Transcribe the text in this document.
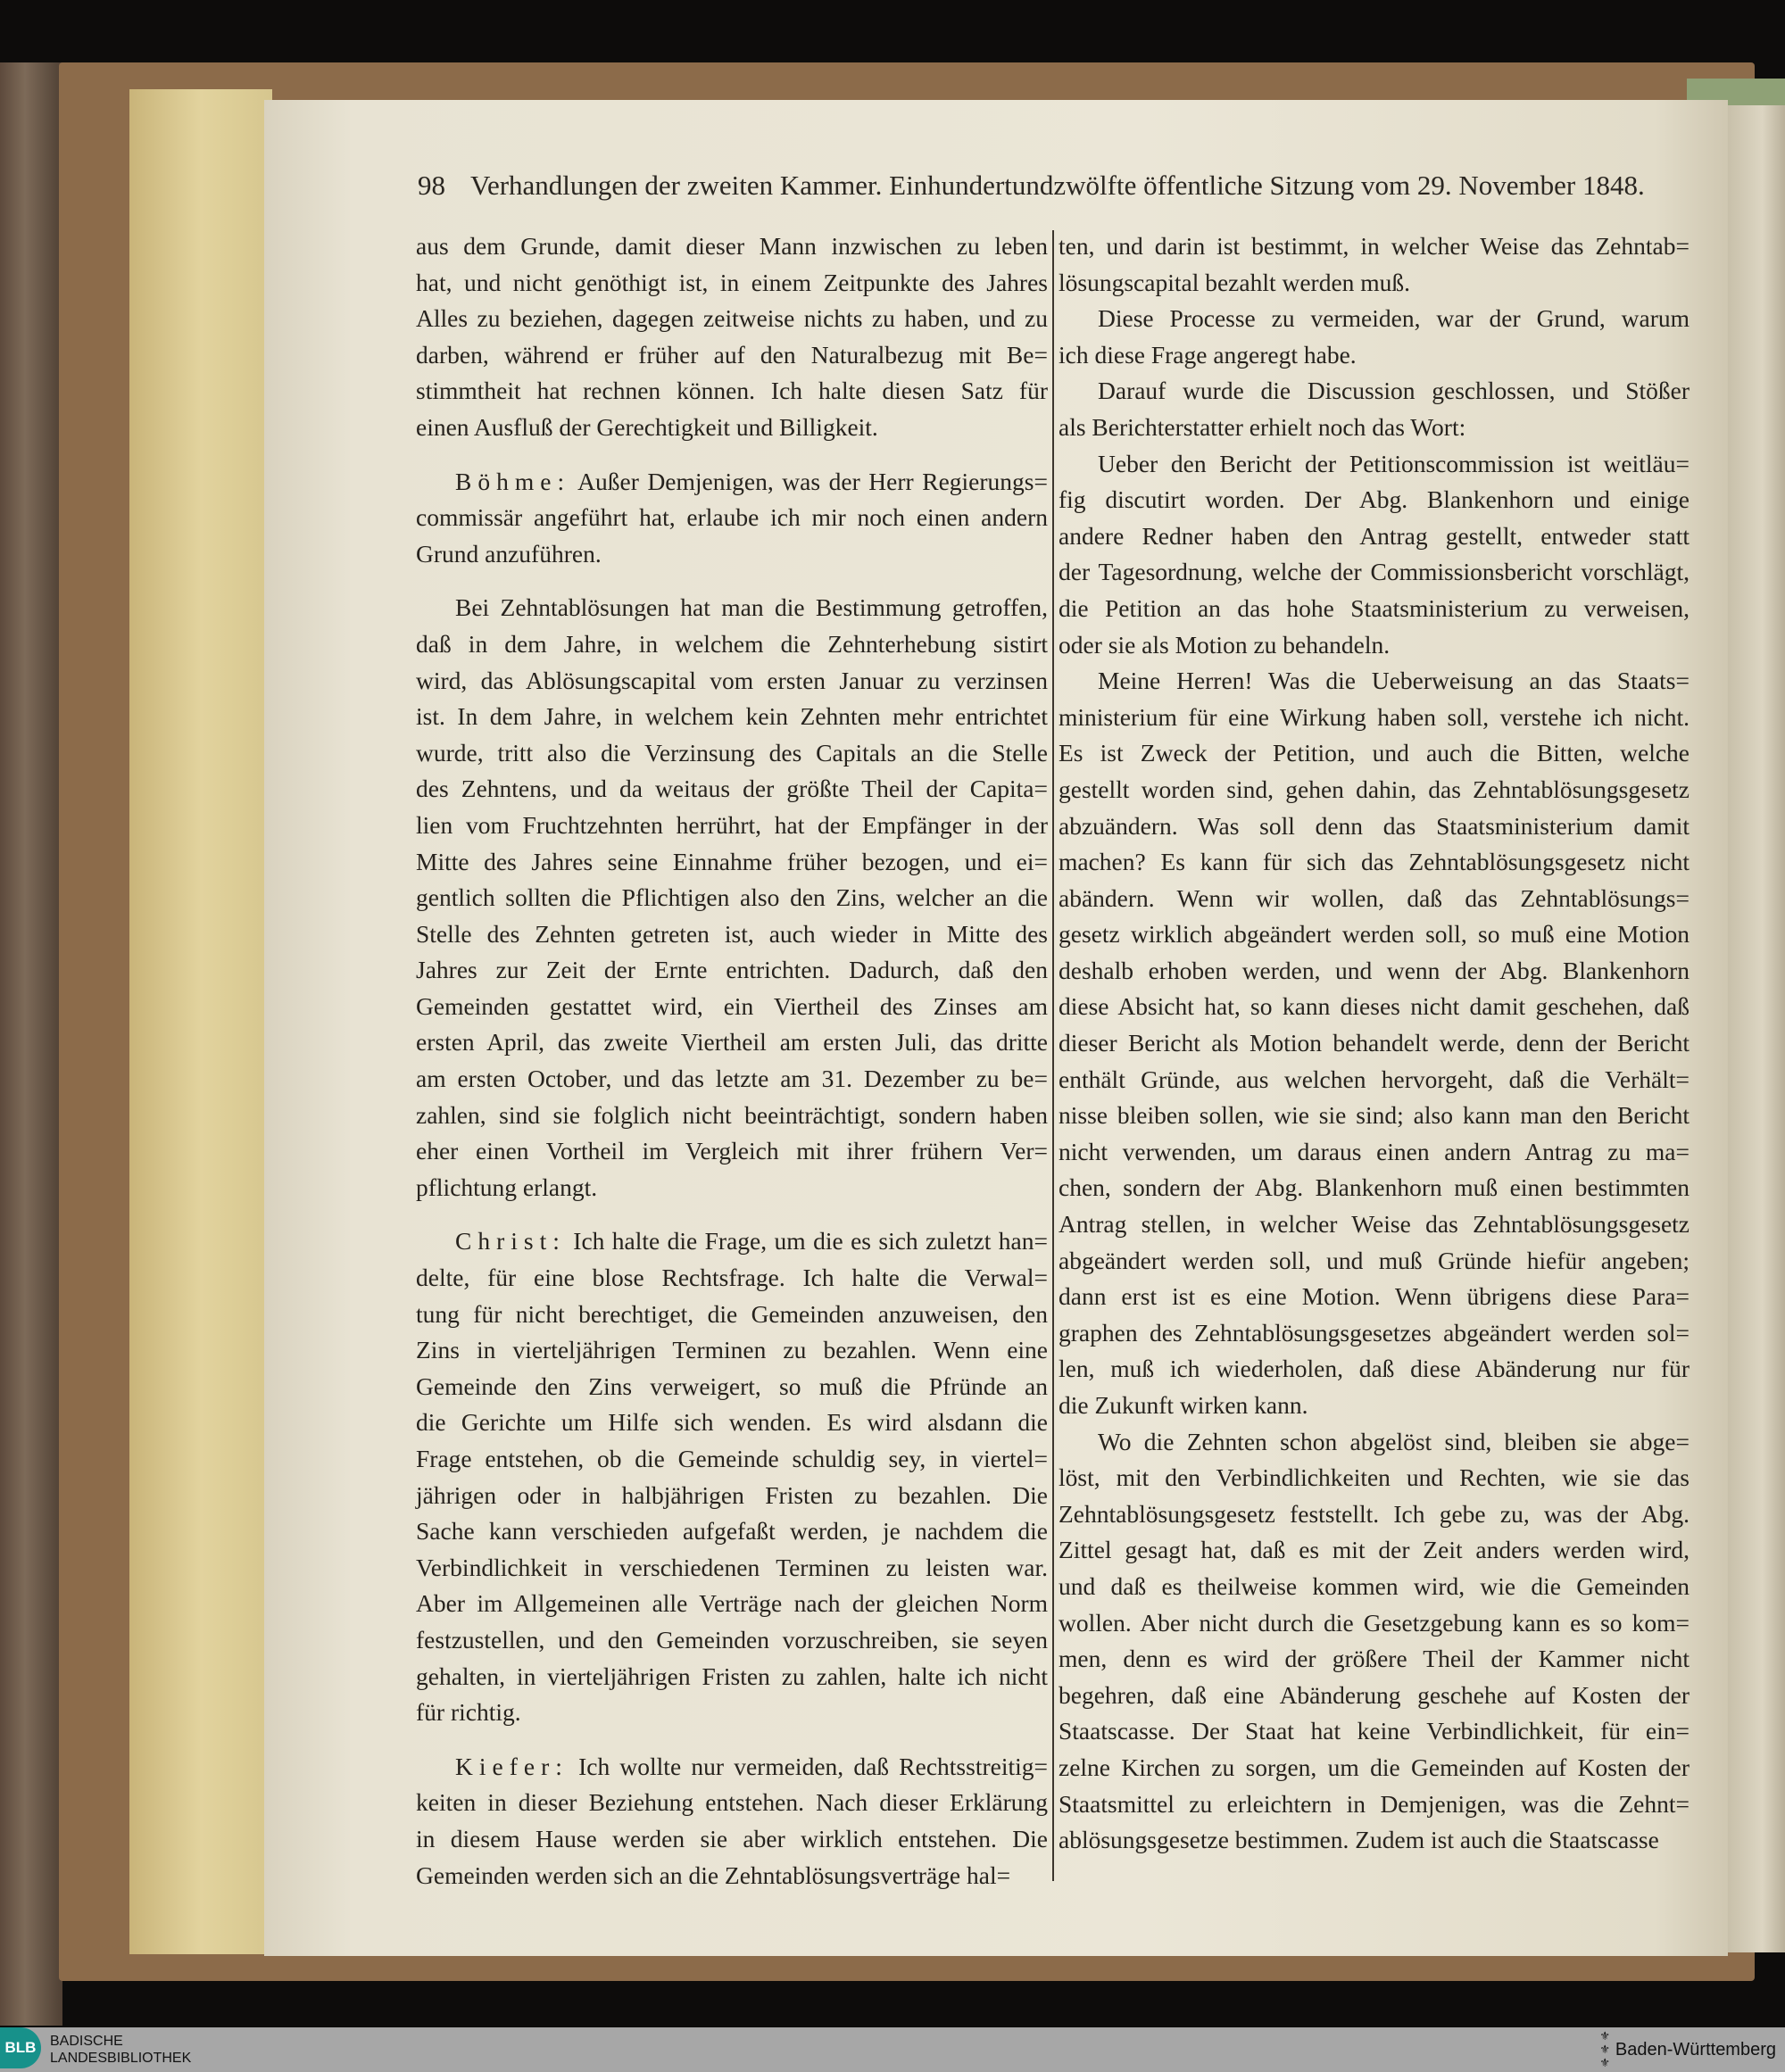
98 Verhandlungen der zweiten Kammer. Einhundertundzwölfte öffentliche Sitzung vom 29. November 1848.
aus dem Grunde, damit dieser Mann inzwischen zu leben
hat, und nicht genöthigt ist, in einem Zeitpunkte des Jahres
Alles zu beziehen, dagegen zeitweise nichts zu haben, und zu
darben, während er früher auf den Naturalbezug mit Be=
stimmtheit hat rechnen können. Ich halte diesen Satz für
einen Ausfluß der Gerechtigkeit und Billigkeit.
Böhme: Außer Demjenigen, was der Herr Regierungs=
commissär angeführt hat, erlaube ich mir noch einen andern
Grund anzuführen.
Bei Zehntablösungen hat man die Bestimmung getroffen,
daß in dem Jahre, in welchem die Zehnterhebung sistirt
wird, das Ablösungscapital vom ersten Januar zu verzinsen
ist. In dem Jahre, in welchem kein Zehnten mehr entrichtet
wurde, tritt also die Verzinsung des Capitals an die Stelle
des Zehntens, und da weitaus der größte Theil der Capita=
lien vom Fruchtzehnten herrührt, hat der Empfänger in der
Mitte des Jahres seine Einnahme früher bezogen, und ei=
gentlich sollten die Pflichtigen also den Zins, welcher an die
Stelle des Zehnten getreten ist, auch wieder in Mitte des
Jahres zur Zeit der Ernte entrichten. Dadurch, daß den
Gemeinden gestattet wird, ein Viertheil des Zinses am
ersten April, das zweite Viertheil am ersten Juli, das dritte
am ersten October, und das letzte am 31. Dezember zu be=
zahlen, sind sie folglich nicht beeinträchtigt, sondern haben
eher einen Vortheil im Vergleich mit ihrer frühern Ver=
pflichtung erlangt.
Christ: Ich halte die Frage, um die es sich zuletzt han=
delte, für eine blose Rechtsfrage. Ich halte die Verwal=
tung für nicht berechtiget, die Gemeinden anzuweisen, den
Zins in vierteljährigen Terminen zu bezahlen. Wenn eine
Gemeinde den Zins verweigert, so muß die Pfründe an
die Gerichte um Hilfe sich wenden. Es wird alsdann die
Frage entstehen, ob die Gemeinde schuldig sey, in viertel=
jährigen oder in halbjährigen Fristen zu bezahlen. Die
Sache kann verschieden aufgefaßt werden, je nachdem die
Verbindlichkeit in verschiedenen Terminen zu leisten war.
Aber im Allgemeinen alle Verträge nach der gleichen Norm
festzustellen, und den Gemeinden vorzuschreiben, sie seyen
gehalten, in vierteljährigen Fristen zu zahlen, halte ich nicht
für richtig.
Kiefer: Ich wollte nur vermeiden, daß Rechtsstreitig=
keiten in dieser Beziehung entstehen. Nach dieser Erklärung
in diesem Hause werden sie aber wirklich entstehen. Die
Gemeinden werden sich an die Zehntablösungsverträge hal=
ten, und darin ist bestimmt, in welcher Weise das Zehntab=
lösungscapital bezahlt werden muß.
Diese Processe zu vermeiden, war der Grund, warum
ich diese Frage angeregt habe.
Darauf wurde die Discussion geschlossen, und Stößer
als Berichterstatter erhielt noch das Wort:
Ueber den Bericht der Petitionscommission ist weitläu=
fig discutirt worden. Der Abg. Blankenhorn und einige
andere Redner haben den Antrag gestellt, entweder statt
der Tagesordnung, welche der Commissionsbericht vorschlägt,
die Petition an das hohe Staatsministerium zu verweisen,
oder sie als Motion zu behandeln.
Meine Herren! Was die Ueberweisung an das Staats=
ministerium für eine Wirkung haben soll, verstehe ich nicht.
Es ist Zweck der Petition, und auch die Bitten, welche
gestellt worden sind, gehen dahin, das Zehntablösungsgesetz
abzuändern. Was soll denn das Staatsministerium damit
machen? Es kann für sich das Zehntablösungsgesetz nicht
abändern. Wenn wir wollen, daß das Zehntablösungs=
gesetz wirklich abgeändert werden soll, so muß eine Motion
deshalb erhoben werden, und wenn der Abg. Blankenhorn
diese Absicht hat, so kann dieses nicht damit geschehen, daß
dieser Bericht als Motion behandelt werde, denn der Bericht
enthält Gründe, aus welchen hervorgeht, daß die Verhält=
nisse bleiben sollen, wie sie sind; also kann man den Bericht
nicht verwenden, um daraus einen andern Antrag zu ma=
chen, sondern der Abg. Blankenhorn muß einen bestimmten
Antrag stellen, in welcher Weise das Zehntablösungsgesetz
abgeändert werden soll, und muß Gründe hiefür angeben;
dann erst ist es eine Motion. Wenn übrigens diese Para=
graphen des Zehntablösungsgesetzes abgeändert werden sol=
len, muß ich wiederholen, daß diese Abänderung nur für
die Zukunft wirken kann.
Wo die Zehnten schon abgelöst sind, bleiben sie abge=
löst, mit den Verbindlichkeiten und Rechten, wie sie das
Zehntablösungsgesetz feststellt. Ich gebe zu, was der Abg.
Zittel gesagt hat, daß es mit der Zeit anders werden wird,
und daß es theilweise kommen wird, wie die Gemeinden
wollen. Aber nicht durch die Gesetzgebung kann es so kom=
men, denn es wird der größere Theil der Kammer nicht
begehren, daß eine Abänderung geschehe auf Kosten der
Staatscasse. Der Staat hat keine Verbindlichkeit, für ein=
zelne Kirchen zu sorgen, um die Gemeinden auf Kosten der
Staatsmittel zu erleichtern in Demjenigen, was die Zehnt=
ablösungsgesetze bestimmen. Zudem ist auch die Staatscasse
BLB BADISCHE
LANDESBIBLIOTHEK
⚜
⚜
⚜
Baden-Württemberg
